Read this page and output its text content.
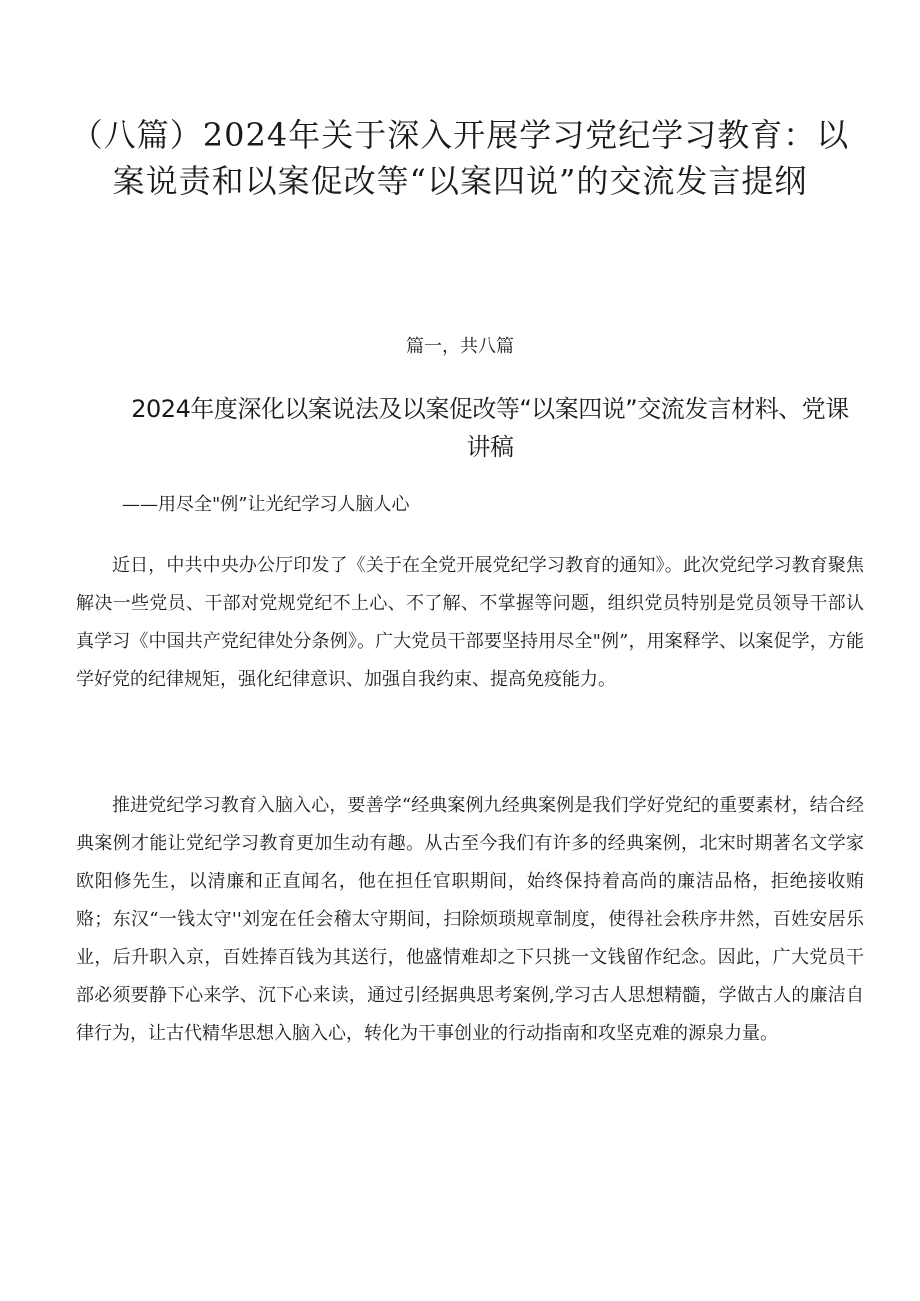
（八篇）2024年关于深入开展学习党纪学习教育：以案说责和以案促改等“以案四说”的交流发言提纲
篇一，共八篇
2024年度深化以案说法及以案促改等“以案四说”交流发言材料、党课讲稿
——用尽全"例”让光纪学习人脑人心

近日，中共中央办公厅印发了《关于在全党开展党纪学习教育的通知》。此次党纪学习教育聚焦解决一些党员、干部对党规党纪不上心、不了解、不掌握等问题，组织党员特别是党员领导干部认真学习《中国共产党纪律处分条例》。广大党员干部要坚持用尽全"例”，用案释学、以案促学，方能学好党的纪律规矩，强化纪律意识、加强自我约束、提高免疫能力。

推进党纪学习教育入脑入心，要善学“经典案例九经典案例是我们学好党纪的重要素材，结合经典案例才能让党纪学习教育更加生动有趣。从古至今我们有许多的经典案例，北宋时期著名文学家欧阳修先生，以清廉和正直闻名，他在担任官职期间，始终保持着高尚的廉洁品格，拒绝接收贿赂；东汉“一钱太守''刘宠在任会稽太守期间，扫除烦琐规章制度，使得社会秩序井然，百姓安居乐业，后升职入京，百姓捧百钱为其送行，他盛情难却之下只挑一文钱留作纪念。因此，广大党员干部必须要静下心来学、沉下心来读，通过引经据典思考案例,学习古人思想精髓，学做古人的廉洁自律行为，让古代精华思想入脑入心，转化为干事创业的行动指南和攻坚克难的源泉力量。
